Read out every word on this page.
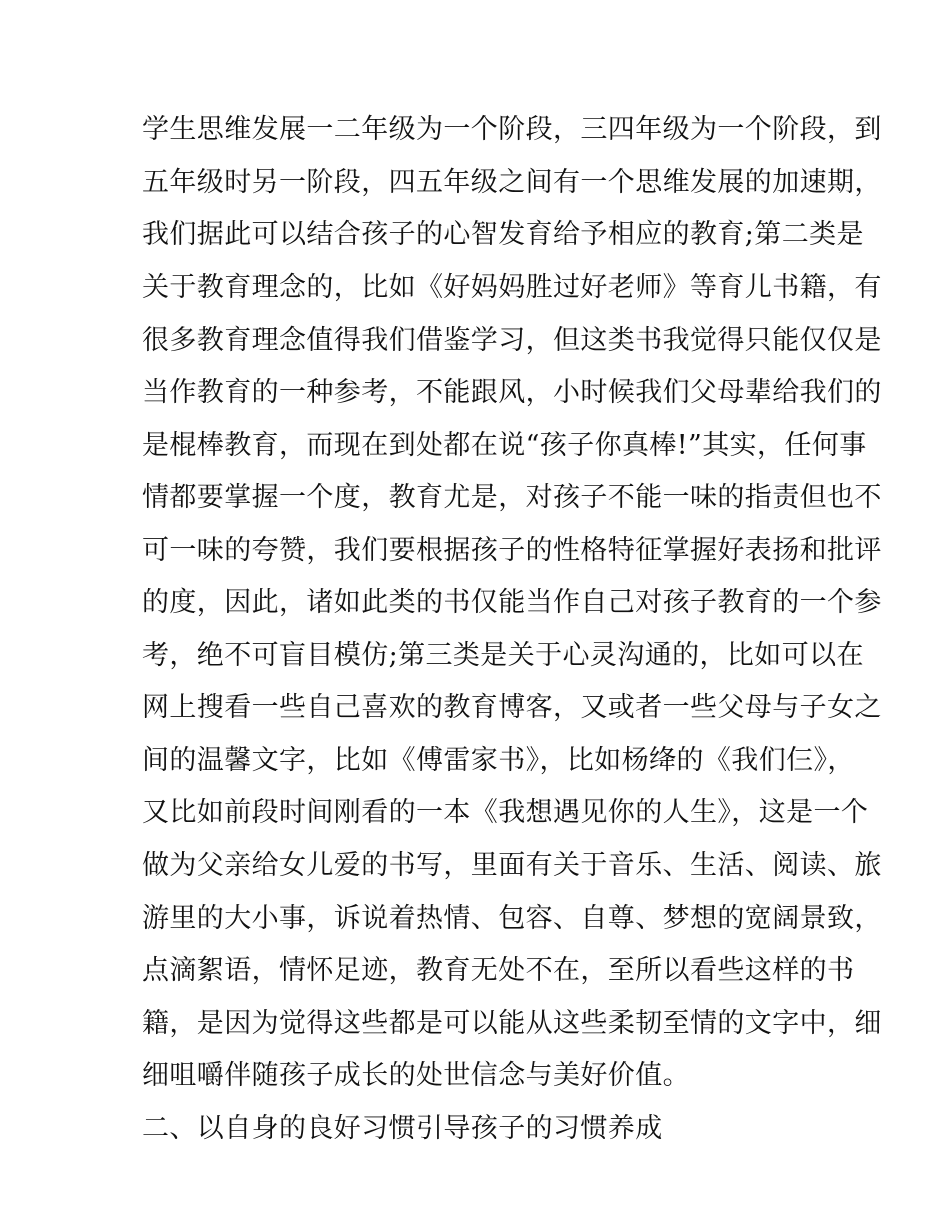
学生思维发展一二年级为一个阶段，三四年级为一个阶段，到
五年级时另一阶段，四五年级之间有一个思维发展的加速期，
我们据此可以结合孩子的心智发育给予相应的教育;第二类是
关于教育理念的，比如《好妈妈胜过好老师》等育儿书籍，有
很多教育理念值得我们借鉴学习，但这类书我觉得只能仅仅是
当作教育的一种参考，不能跟风，小时候我们父母辈给我们的
是棍棒教育，而现在到处都在说“孩子你真棒!”其实，任何事
情都要掌握一个度，教育尤是，对孩子不能一味的指责但也不
可一味的夸赞，我们要根据孩子的性格特征掌握好表扬和批评
的度，因此，诸如此类的书仅能当作自己对孩子教育的一个参
考，绝不可盲目模仿;第三类是关于心灵沟通的，比如可以在
网上搜看一些自己喜欢的教育博客，又或者一些父母与子女之
间的温馨文字，比如《傅雷家书》，比如杨绛的《我们仨》，
又比如前段时间刚看的一本《我想遇见你的人生》，这是一个
做为父亲给女儿爱的书写，里面有关于音乐、生活、阅读、旅
游里的大小事，诉说着热情、包容、自尊、梦想的宽阔景致，
点滴絮语，情怀足迹，教育无处不在，至所以看些这样的书
籍，是因为觉得这些都是可以能从这些柔韧至情的文字中，细
细咀嚼伴随孩子成长的处世信念与美好价值。
二、以自身的良好习惯引导孩子的习惯养成
